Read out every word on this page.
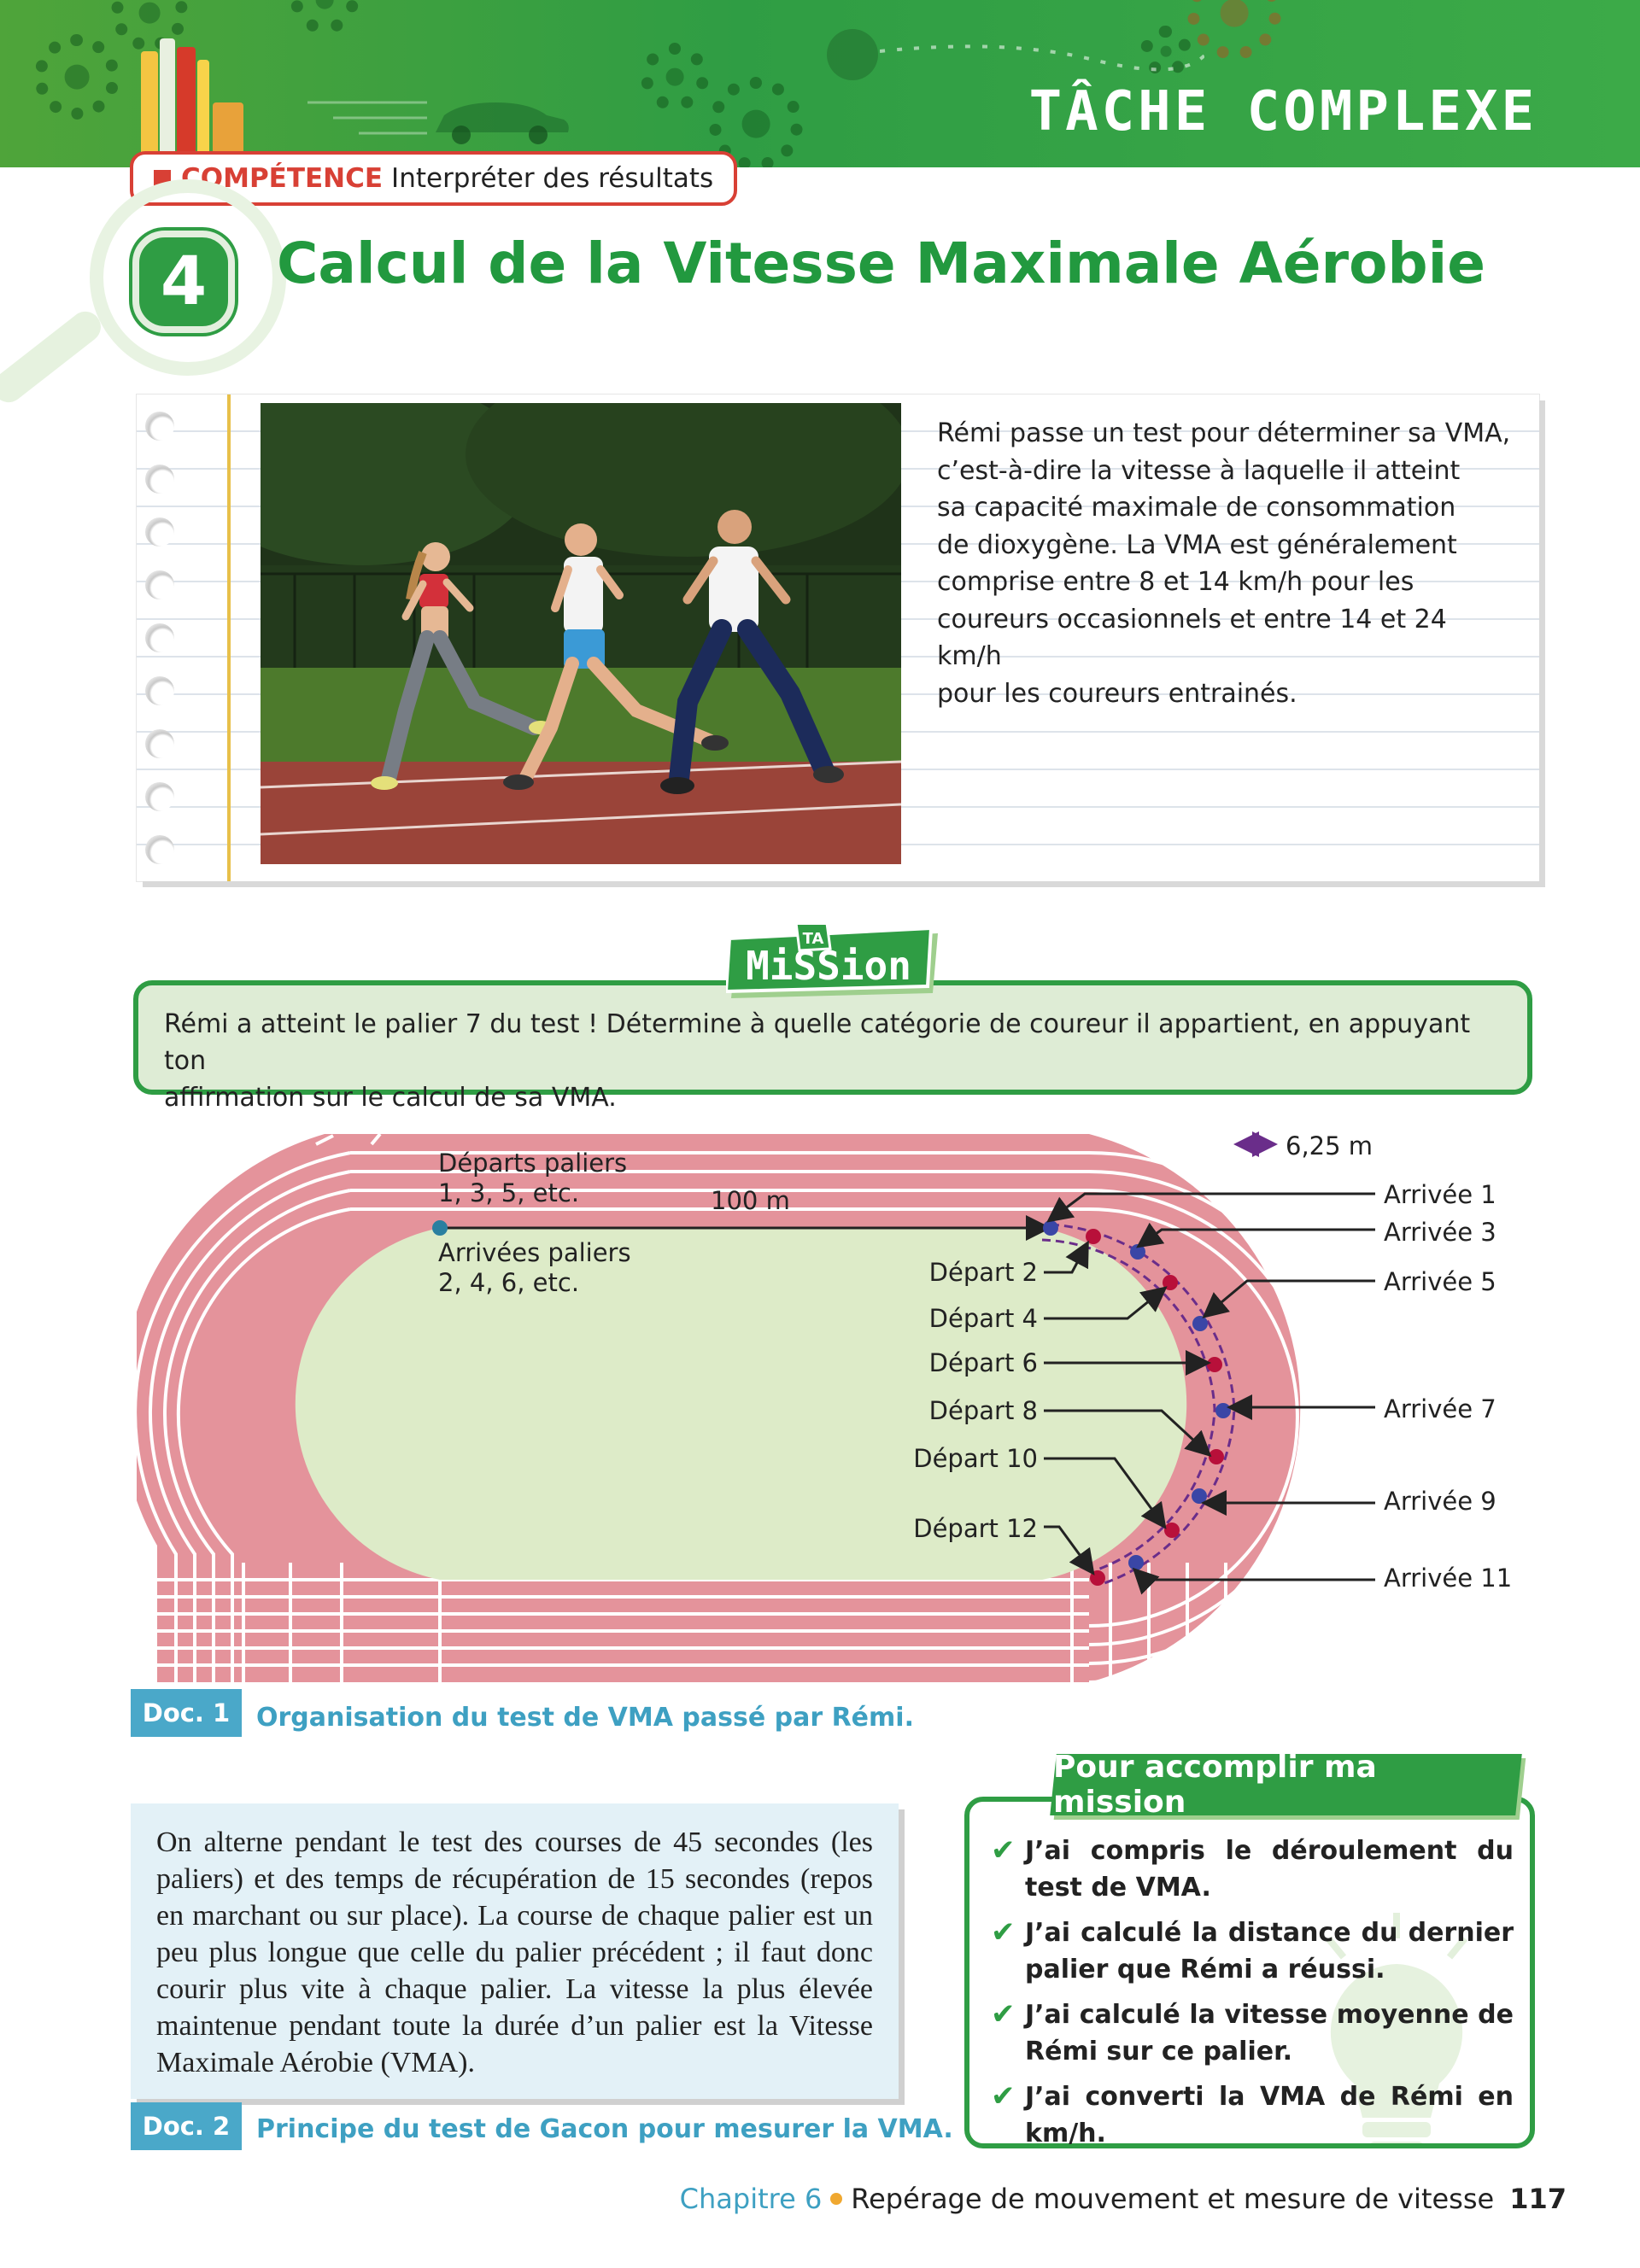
TÂCHE COMPLEXE
COMPÉTENCE Interpréter des résultats
4	Calcul de la Vitesse Maximale Aérobie
Rémi passe un test pour déterminer sa VMA,
c’est-à-dire la vitesse à laquelle il atteint
sa capacité maximale de consommation
de dioxygène. La VMA est généralement
comprise entre 8 et 14 km/h pour les
coureurs occasionnels et entre 14 et 24 km/h
pour les coureurs entrainés.
Rémi a atteint le palier 7 du test ! Détermine à quelle catégorie de coureur il appartient, en appuyant ton
affirmation sur le calcul de sa VMA.
TA
MiSSion
6,25 m
Départs paliers
1, 3, 5, etc.	100 m
Arrivées paliers
2, 4, 6, etc.
Arrivée 1
Arrivée 3
Arrivée 5
Arrivée 7
Arrivée 9
Arrivée 11
Départ 2
Départ 4
Départ 6
Départ 8
Départ 10
Départ 12
Doc. 1	Organisation du test de VMA passé par Rémi.

On alterne pendant le test des courses de 45 secondes (les paliers) et des temps de récupération de 15 secondes (repos en marchant ou sur place). La course de chaque palier est un peu plus longue que celle du palier précédent ; il faut donc courir plus vite à chaque palier. La vitesse la plus élevée maintenue pendant toute la durée d’un palier est la Vitesse Maximale Aérobie (VMA).

Doc. 2	Principe du test de Gacon pour mesurer la VMA.
Pour accomplir ma mission
✔ J’ai compris le déroulement du test de VMA.
✔ J’ai calculé la distance du dernier palier que Rémi a réussi.
✔ J’ai calculé la vitesse moyenne de Rémi sur ce palier.
✔ J’ai converti la VMA de Rémi en km/h.
Chapitre 6 Repérage de mouvement et mesure de vitesse 117
